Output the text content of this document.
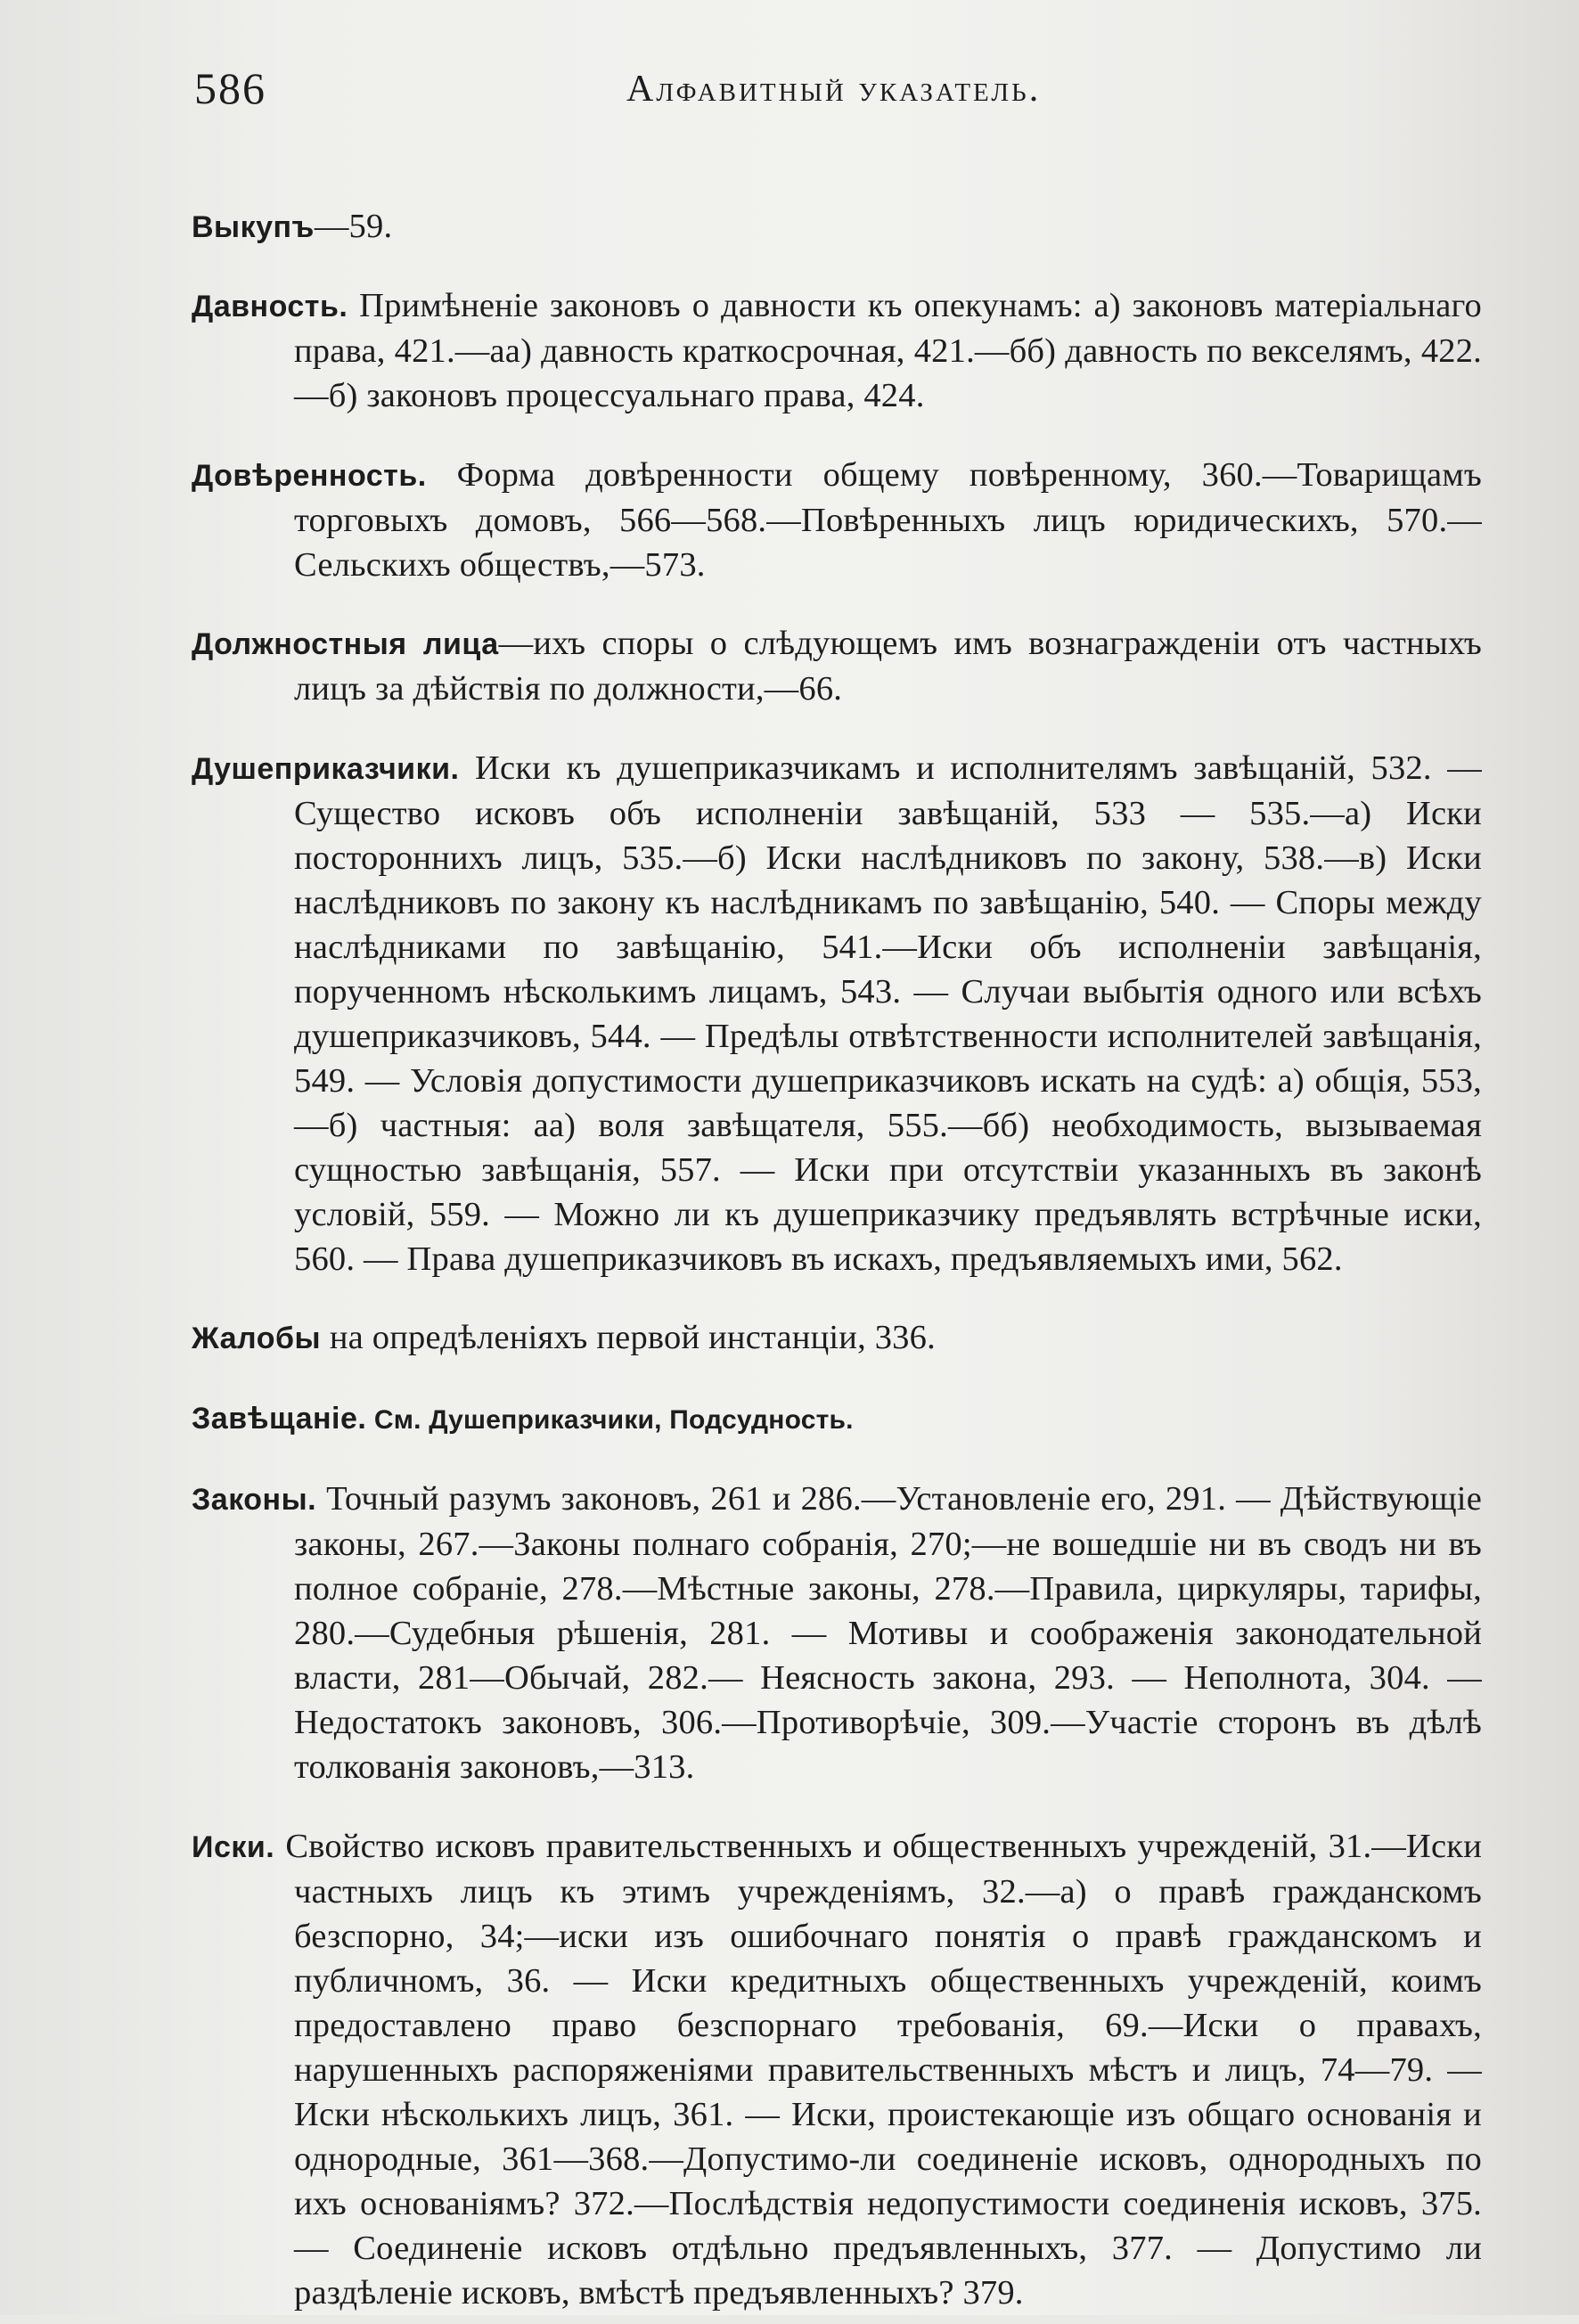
586	Алфавитный указатель.

Выкупъ—59.

Давность. Примѣненіе законовъ о давности къ опекунамъ: а) законовъ матеріальнаго права, 421.—аа) давность краткосрочная, 421.—бб) давность по векселямъ, 422.—б) законовъ процессуальнаго права, 424.

Довѣренность. Форма довѣренности общему повѣренному, 360.—Товарищамъ торговыхъ домовъ, 566—568.—Повѣренныхъ лицъ юридическихъ, 570.—Сельскихъ обществъ,—573.

Должностныя лица—ихъ споры о слѣдующемъ имъ вознагражденіи отъ частныхъ лицъ за дѣйствія по должности,—66.

Душеприказчики. Иски къ душеприказчикамъ и исполнителямъ завѣщаній, 532. — Существо исковъ объ исполненіи завѣщаній, 533 — 535.—а) Иски постороннихъ лицъ, 535.—б) Иски наслѣдниковъ по закону, 538.—в) Иски наслѣдниковъ по закону къ наслѣдникамъ по завѣщанію, 540. — Споры между наслѣдниками по завѣщанію, 541.—Иски объ исполненіи завѣщанія, порученномъ нѣсколькимъ лицамъ, 543. — Случаи выбытія одного или всѣхъ душеприказчиковъ, 544. — Предѣлы отвѣтственности исполнителей завѣщанія, 549. — Условія допустимости душеприказчиковъ искать на судѣ: а) общія, 553,—б) частныя: аа) воля завѣщателя, 555.—бб) необходимость, вызываемая сущностью завѣщанія, 557. — Иски при отсутствіи указанныхъ въ законѣ условій, 559. — Можно ли къ душеприказчику предъявлять встрѣчные иски, 560. — Права душеприказчиковъ въ искахъ, предъявляемыхъ ими, 562.

Жалобы на опредѣленіяхъ первой инстанціи, 336.

Завѣщаніе. См. Душеприказчики, Подсудность.

Законы. Точный разумъ законовъ, 261 и 286.—Установленіе его, 291. — Дѣйствующіе законы, 267.—Законы полнаго собранія, 270;—не вошедшіе ни въ сводъ ни въ полное собраніе, 278.—Мѣстные законы, 278.—Правила, циркуляры, тарифы, 280.—Судебныя рѣшенія, 281. — Мотивы и соображенія законодательной власти, 281—Обычай, 282.— Неясность закона, 293. — Неполнота, 304. — Недостатокъ законовъ, 306.—Противорѣчіе, 309.—Участіе сторонъ въ дѣлѣ толкованія законовъ,—313.

Иски. Свойство исковъ правительственныхъ и общественныхъ учрежденій, 31.—Иски частныхъ лицъ къ этимъ учрежденіямъ, 32.—а) о правѣ гражданскомъ безспорно, 34;—иски изъ ошибочнаго понятія о правѣ гражданскомъ и публичномъ, 36. — Иски кредитныхъ общественныхъ учрежденій, коимъ предоставлено право безспорнаго требованія, 69.—Иски о правахъ, нарушенныхъ распоряженіями правительственныхъ мѣстъ и лицъ, 74—79. — Иски нѣсколькихъ лицъ, 361. — Иски, проистекающіе изъ общаго основанія и однородные, 361—368.—Допустимо-ли соединеніе исковъ, однородныхъ по ихъ основаніямъ? 372.—Послѣдствія недопустимости соединенія исковъ, 375. — Соединеніе исковъ отдѣльно предъявленныхъ, 377. — Допустимо ли раздѣленіе исковъ, вмѣстѣ предъявленныхъ? 379.
